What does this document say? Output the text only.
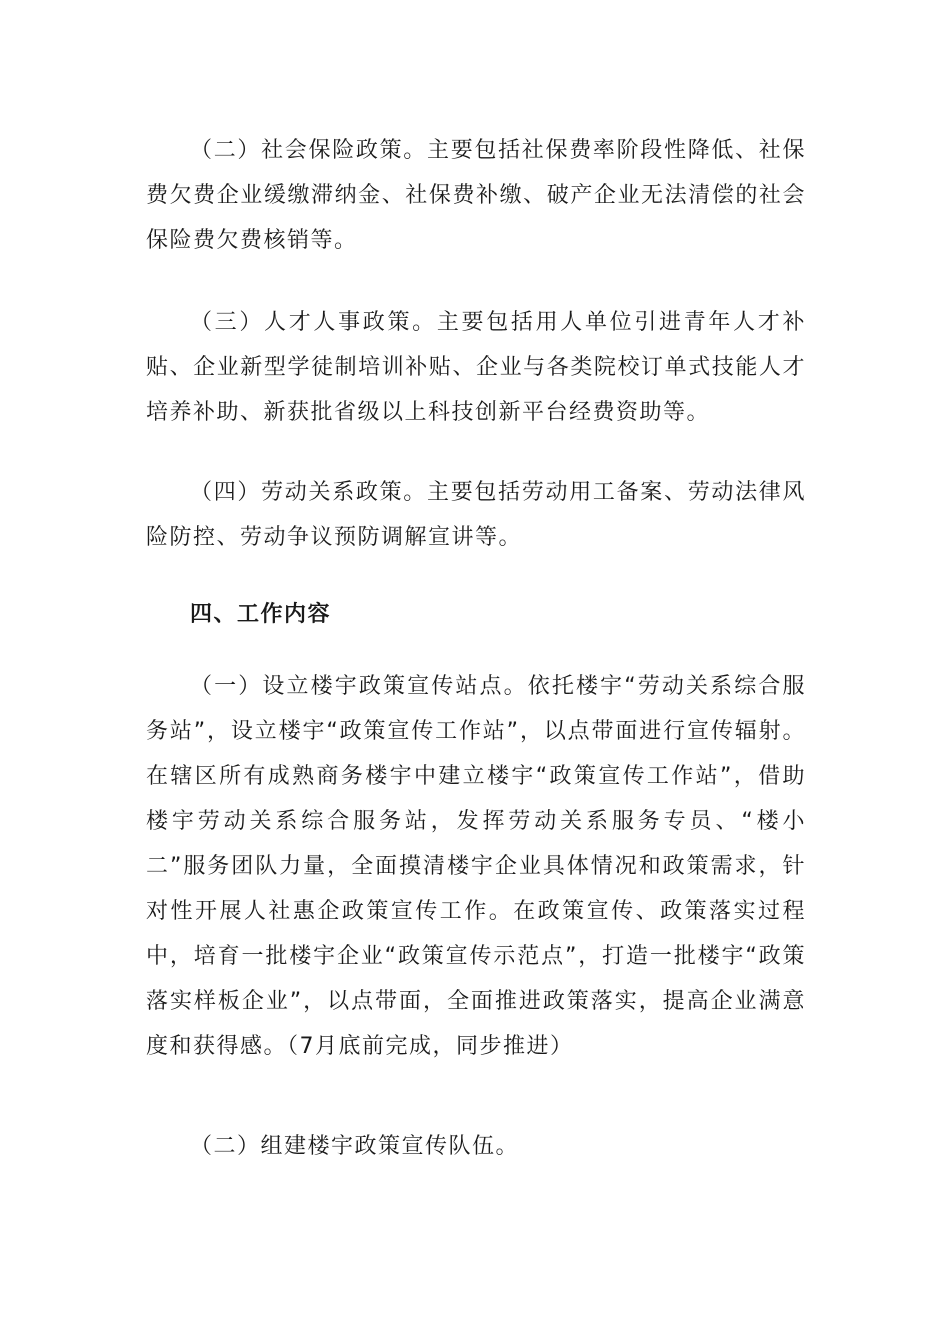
（二）社会保险政策。主要包括社保费率阶段性降低、社保费欠费企业缓缴滞纳金、社保费补缴、破产企业无法清偿的社会保险费欠费核销等。

（三）人才人事政策。主要包括用人单位引进青年人才补贴、企业新型学徒制培训补贴、企业与各类院校订单式技能人才培养补助、新获批省级以上科技创新平台经费资助等。

（四）劳动关系政策。主要包括劳动用工备案、劳动法律风险防控、劳动争议预防调解宣讲等。

四、工作内容

（一）设立楼宇政策宣传站点。依托楼宇“劳动关系综合服务站”，设立楼宇“政策宣传工作站”，以点带面进行宣传辐射。在辖区所有成熟商务楼宇中建立楼宇“政策宣传工作站”，借助楼宇劳动关系综合服务站，发挥劳动关系服务专员、“楼小二”服务团队力量，全面摸清楼宇企业具体情况和政策需求，针对性开展人社惠企政策宣传工作。在政策宣传、政策落实过程中，培育一批楼宇企业“政策宣传示范点”，打造一批楼宇“政策落实样板企业”，以点带面，全面推进政策落实，提高企业满意度和获得感。（7月底前完成，同步推进）

（二）组建楼宇政策宣传队伍。
